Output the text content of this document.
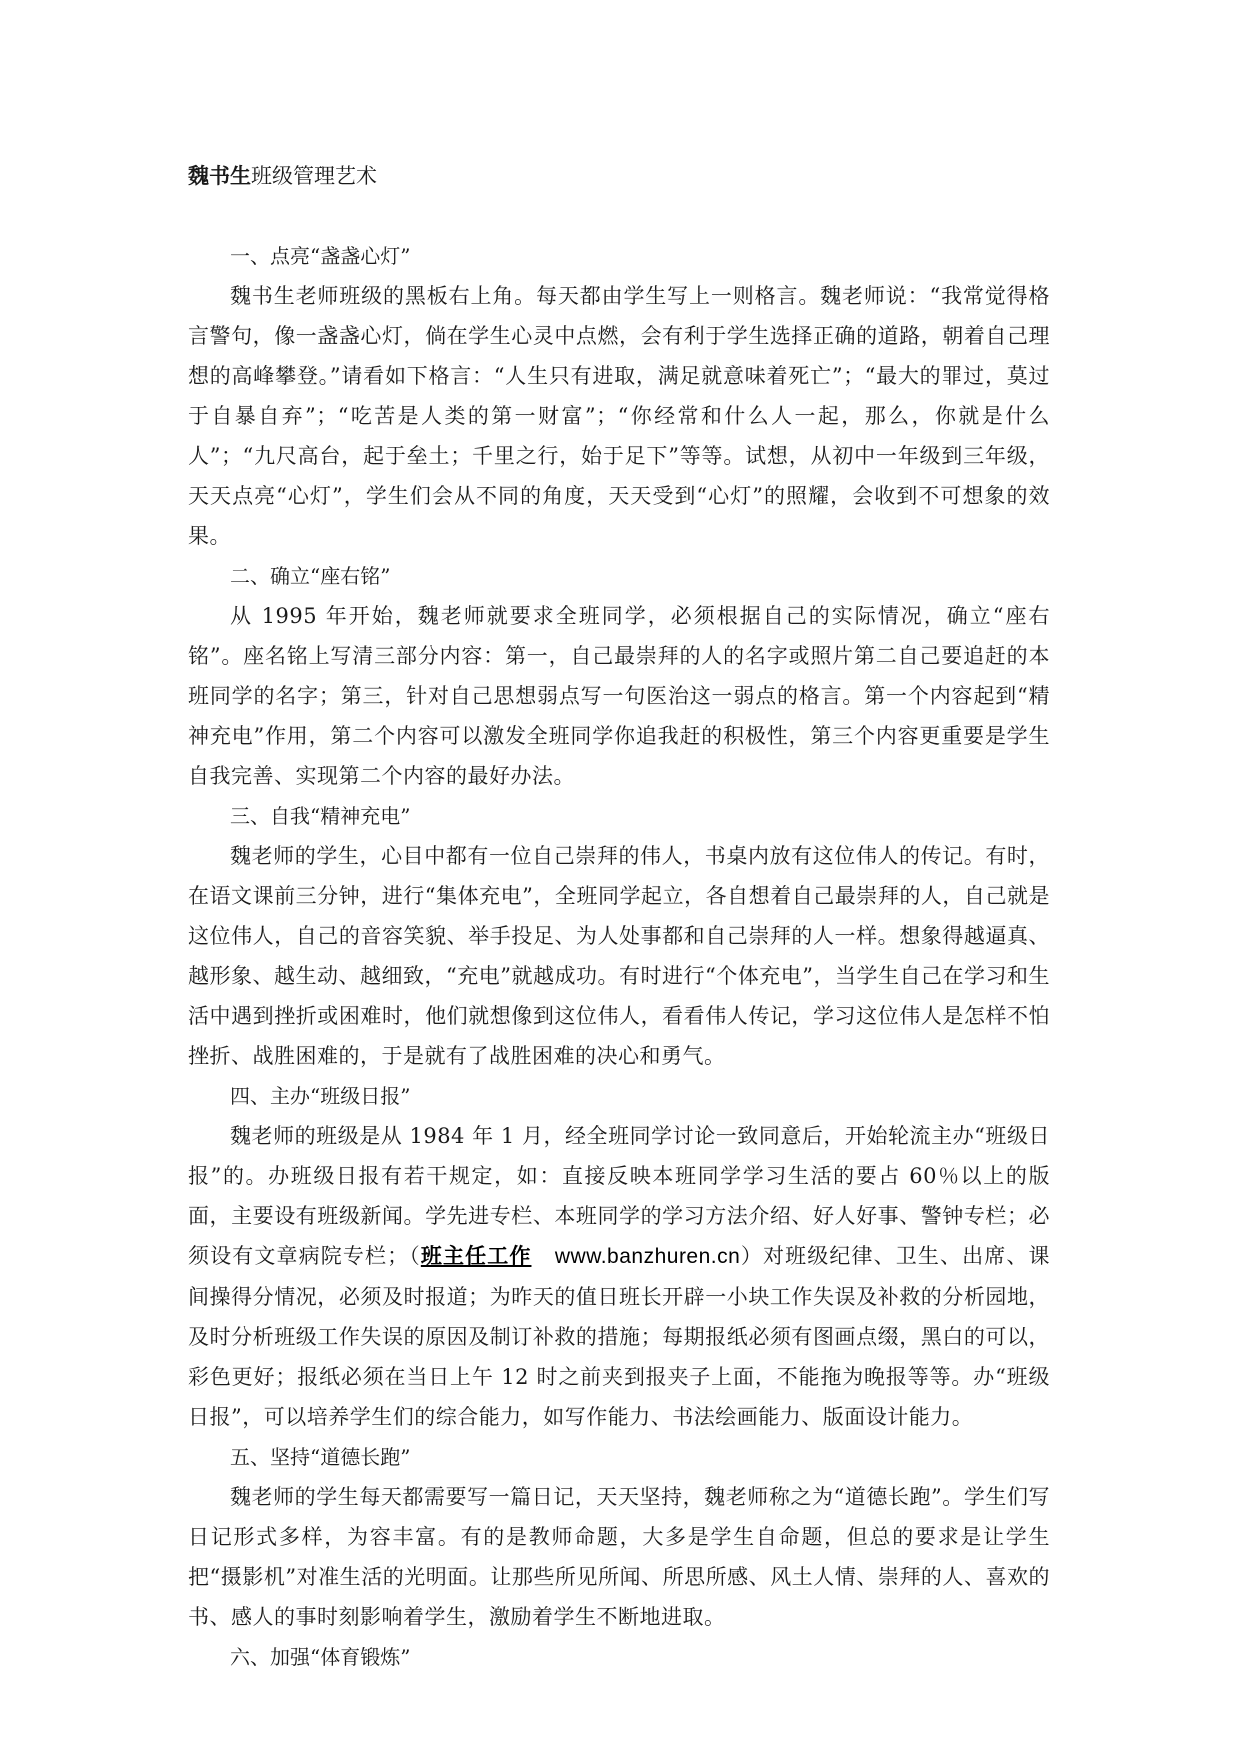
魏书生班级管理艺术

一、点亮“盏盏心灯”

魏书生老师班级的黑板右上角。每天都由学生写上一则格言。魏老师说：“我常觉得格言警句，像一盏盏心灯，倘在学生心灵中点燃，会有利于学生选择正确的道路，朝着自己理想的高峰攀登。”请看如下格言：“人生只有进取，满足就意味着死亡”；“最大的罪过，莫过于自暴自弃”；“吃苦是人类的第一财富”；“你经常和什么人一起，那么，你就是什么人”；“九尺高台，起于垒土；千里之行，始于足下”等等。试想，从初中一年级到三年级，天天点亮“心灯”，学生们会从不同的角度，天天受到“心灯”的照耀，会收到不可想象的效果。

二、确立“座右铭”

从 1995 年开始，魏老师就要求全班同学，必须根据自己的实际情况，确立“座右铭”。座名铭上写清三部分内容：第一，自己最崇拜的人的名字或照片第二自己要追赶的本班同学的名字；第三，针对自己思想弱点写一句医治这一弱点的格言。第一个内容起到“精神充电”作用，第二个内容可以激发全班同学你追我赶的积极性，第三个内容更重要是学生自我完善、实现第二个内容的最好办法。

三、自我“精神充电”

魏老师的学生，心目中都有一位自己崇拜的伟人，书桌内放有这位伟人的传记。有时，在语文课前三分钟，进行“集体充电”，全班同学起立，各自想着自己最崇拜的人，自己就是这位伟人，自己的音容笑貌、举手投足、为人处事都和自己崇拜的人一样。想象得越逼真、越形象、越生动、越细致，“充电”就越成功。有时进行“个体充电”，当学生自己在学习和生活中遇到挫折或困难时，他们就想像到这位伟人，看看伟人传记，学习这位伟人是怎样不怕挫折、战胜困难的，于是就有了战胜困难的决心和勇气。

四、主办“班级日报”

魏老师的班级是从 1984 年 1 月，经全班同学讨论一致同意后，开始轮流主办“班级日报”的。办班级日报有若干规定，如：直接反映本班同学学习生活的要占 60％以上的版面，主要设有班级新闻。学先进专栏、本班同学的学习方法介绍、好人好事、警钟专栏；必须设有文章病院专栏；（班主任工作 www.banzhuren.cn）对班级纪律、卫生、出席、课间操得分情况，必须及时报道；为昨天的值日班长开辟一小块工作失误及补救的分析园地，及时分析班级工作失误的原因及制订补救的措施；每期报纸必须有图画点缀，黑白的可以，彩色更好；报纸必须在当日上午 12 时之前夹到报夹子上面，不能拖为晚报等等。办“班级日报”，可以培养学生们的综合能力，如写作能力、书法绘画能力、版面设计能力。

五、坚持“道德长跑”

魏老师的学生每天都需要写一篇日记，天天坚持，魏老师称之为“道德长跑”。学生们写日记形式多样，为容丰富。有的是教师命题，大多是学生自命题，但总的要求是让学生把“摄影机”对准生活的光明面。让那些所见所闻、所思所感、风土人情、崇拜的人、喜欢的书、感人的事时刻影响着学生，激励着学生不断地进取。

六、加强“体育锻炼”
